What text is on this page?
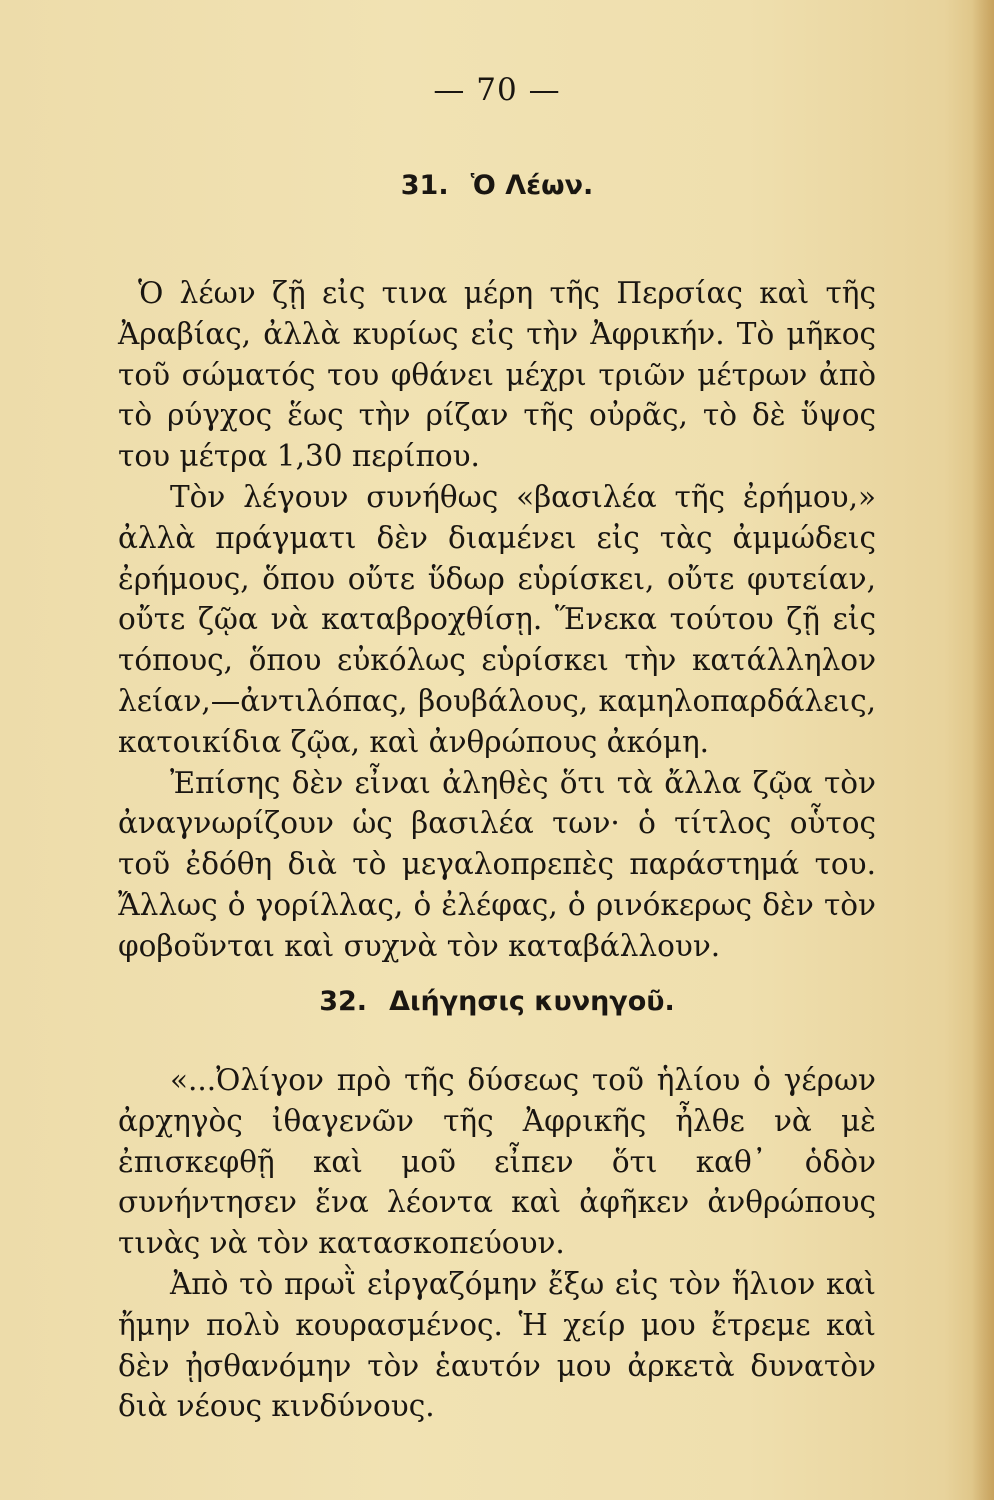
— 70 —
31. Ὁ Λέων.

Ὁ λέων ζῇ εἰς τινα μέρη τῆς Περσίας καὶ τῆς Ἀραβίας, ἀλλὰ κυρίως εἰς τὴν Ἀφρικήν. Τὸ μῆκος τοῦ σώματός του φθάνει μέχρι τριῶν μέτρων ἀπὸ τὸ ρύγχος ἕως τὴν ρίζαν τῆς οὐρᾶς, τὸ δὲ ὕψος του μέτρα 1,30 περίπου.

Τὸν λέγουν συνήθως «βασιλέα τῆς ἐρήμου,» ἀλλὰ πράγματι δὲν διαμένει εἰς τὰς ἀμμώδεις ἐρήμους, ὅπου οὔτε ὕδωρ εὑρίσκει, οὔτε φυτείαν, οὔτε ζῷα νὰ καταβροχθίσῃ. Ἕνεκα τούτου ζῇ εἰς τόπους, ὅπου εὐκόλως εὑρίσκει τὴν κατάλληλον λείαν,—ἀντιλόπας, βουβάλους, καμηλοπαρδάλεις, κατοικίδια ζῷα, καὶ ἀνθρώπους ἀκόμη.

Ἐπίσης δὲν εἶναι ἀληθὲς ὅτι τὰ ἄλλα ζῷα τὸν ἀναγνωρίζουν ὡς βασιλέα των· ὁ τίτλος οὗτος τοῦ ἐδόθη διὰ τὸ μεγαλοπρεπὲς παράστημά του. Ἄλλως ὁ γορίλλας, ὁ ἐλέφας, ὁ ρινόκερως δὲν τὸν φοβοῦνται καὶ συχνὰ τὸν καταβάλλουν.

32. Διήγησις κυνηγοῦ.

«...Ὀλίγον πρὸ τῆς δύσεως τοῦ ἡλίου ὁ γέρων ἀρχηγὸς ἰθαγενῶν τῆς Ἀφρικῆς ἦλθε νὰ μὲ ἐπισκεφθῇ καὶ μοῦ εἶπεν ὅτι καθ᾽ ὁδὸν συνήντησεν ἕνα λέοντα καὶ ἀφῆκεν ἀνθρώπους τινὰς νὰ τὸν κατασκοπεύουν.

Ἀπὸ τὸ πρωῒ εἰργαζόμην ἔξω εἰς τὸν ἥλιον καὶ ἤμην πολὺ κουρασμένος. Ἡ χείρ μου ἔτρεμε καὶ δὲν ᾐσθανόμην τὸν ἑαυτόν μου ἀρκετὰ δυνατὸν διὰ νέους κινδύνους.
